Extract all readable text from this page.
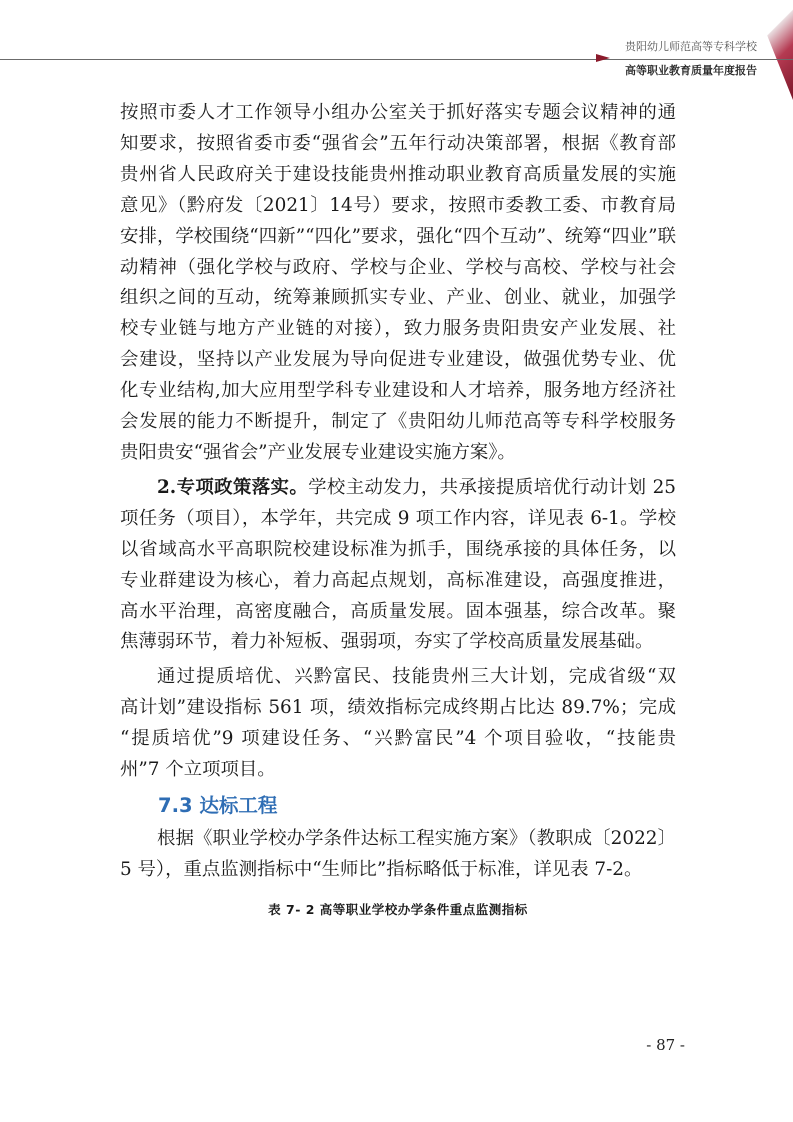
贵阳幼儿师范高等专科学校
高等职业教育质量年度报告

按照市委人才工作领导小组办公室关于抓好落实专题会议精神的通

知要求，按照省委市委“强省会”五年行动决策部署，根据《教育部

贵州省人民政府关于建设技能贵州推动职业教育高质量发展的实施

意见》（黔府发〔2021〕14号）要求，按照市委教工委、市教育局

安排，学校围绕“四新”“四化”要求，强化“四个互动”、统筹“四业”联

动精神（强化学校与政府、学校与企业、学校与高校、学校与社会

组织之间的互动，统筹兼顾抓实专业、产业、创业、就业，加强学

校专业链与地方产业链的对接），致力服务贵阳贵安产业发展、社

会建设，坚持以产业发展为导向促进专业建设，做强优势专业、优

化专业结构,加大应用型学科专业建设和人才培养，服务地方经济社

会发展的能力不断提升，制定了《贵阳幼儿师范高等专科学校服务

贵阳贵安“强省会”产业发展专业建设实施方案》。

2.专项政策落实。学校主动发力，共承接提质培优行动计划 25

项任务（项目），本学年，共完成 9 项工作内容，详见表 6-1。学校

以省域高水平高职院校建设标准为抓手，围绕承接的具体任务，以

专业群建设为核心，着力高起点规划，高标准建设，高强度推进，

高水平治理，高密度融合，高质量发展。固本强基，综合改革。聚

焦薄弱环节，着力补短板、强弱项，夯实了学校高质量发展基础。

通过提质培优、兴黔富民、技能贵州三大计划，完成省级“双

高计划”建设指标 561 项，绩效指标完成终期占比达 89.7%；完成

“提质培优”9 项建设任务、“兴黔富民”4 个项目验收，“技能贵

州”7 个立项项目。

7.3 达标工程

根据《职业学校办学条件达标工程实施方案》（教职成〔2022〕

5 号），重点监测指标中“生师比”指标略低于标准，详见表 7-2。

表 7- 2 高等职业学校办学条件重点监测指标
- 87 -
